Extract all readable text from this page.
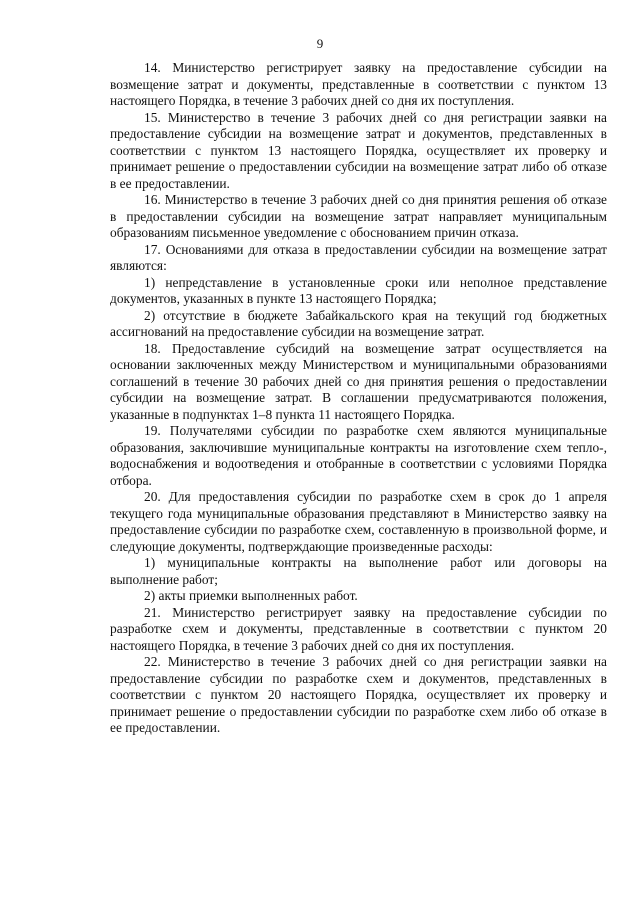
9

14. Министерство регистрирует заявку на предоставление субсидии на возмещение затрат и документы, представленные в соответствии с пунктом 13 настоящего Порядка, в течение 3 рабочих дней со дня их поступления.

15. Министерство в течение 3 рабочих дней со дня регистрации заявки на предоставление субсидии на возмещение затрат и документов, представленных в соответствии с пунктом 13 настоящего Порядка, осуществляет их проверку и принимает решение о предоставлении субсидии на возмещение затрат либо об отказе в ее предоставлении.

16. Министерство в течение 3 рабочих дней со дня принятия решения об отказе в предоставлении субсидии на возмещение затрат направляет муниципальным образованиям письменное уведомление с обоснованием причин отказа.

17. Основаниями для отказа в предоставлении субсидии на возмещение затрат являются:

1) непредставление в установленные сроки или неполное представление документов, указанных в пункте 13 настоящего Порядка;

2) отсутствие в бюджете Забайкальского края на текущий год бюджетных ассигнований на предоставление субсидии на возмещение затрат.

18. Предоставление субсидий на возмещение затрат осуществляется на основании заключенных между Министерством и муниципальными образованиями соглашений в течение 30 рабочих дней со дня принятия решения о предоставлении субсидии на возмещение затрат. В соглашении предусматриваются положения, указанные в подпунктах 1–8 пункта 11 настоящего Порядка.

19. Получателями субсидии по разработке схем являются муниципальные образования, заключившие муниципальные контракты на изготовление схем тепло-, водоснабжения и водоотведения и отобранные в соответствии с условиями Порядка отбора.

20. Для предоставления субсидии по разработке схем в срок до 1 апреля текущего года муниципальные образования представляют в Министерство заявку на предоставление субсидии по разработке схем, составленную в произвольной форме, и следующие документы, подтверждающие произведенные расходы:

1) муниципальные контракты на выполнение работ или договоры на выполнение работ;

2) акты приемки выполненных работ.

21. Министерство регистрирует заявку на предоставление субсидии по разработке схем и документы, представленные в соответствии с пунктом 20 настоящего Порядка, в течение 3 рабочих дней со дня их поступления.

22. Министерство в течение 3 рабочих дней со дня регистрации заявки на предоставление субсидии по разработке схем и документов, представленных в соответствии с пунктом 20 настоящего Порядка, осуществляет их проверку и принимает решение о предоставлении субсидии по разработке схем либо об отказе в ее предоставлении.
